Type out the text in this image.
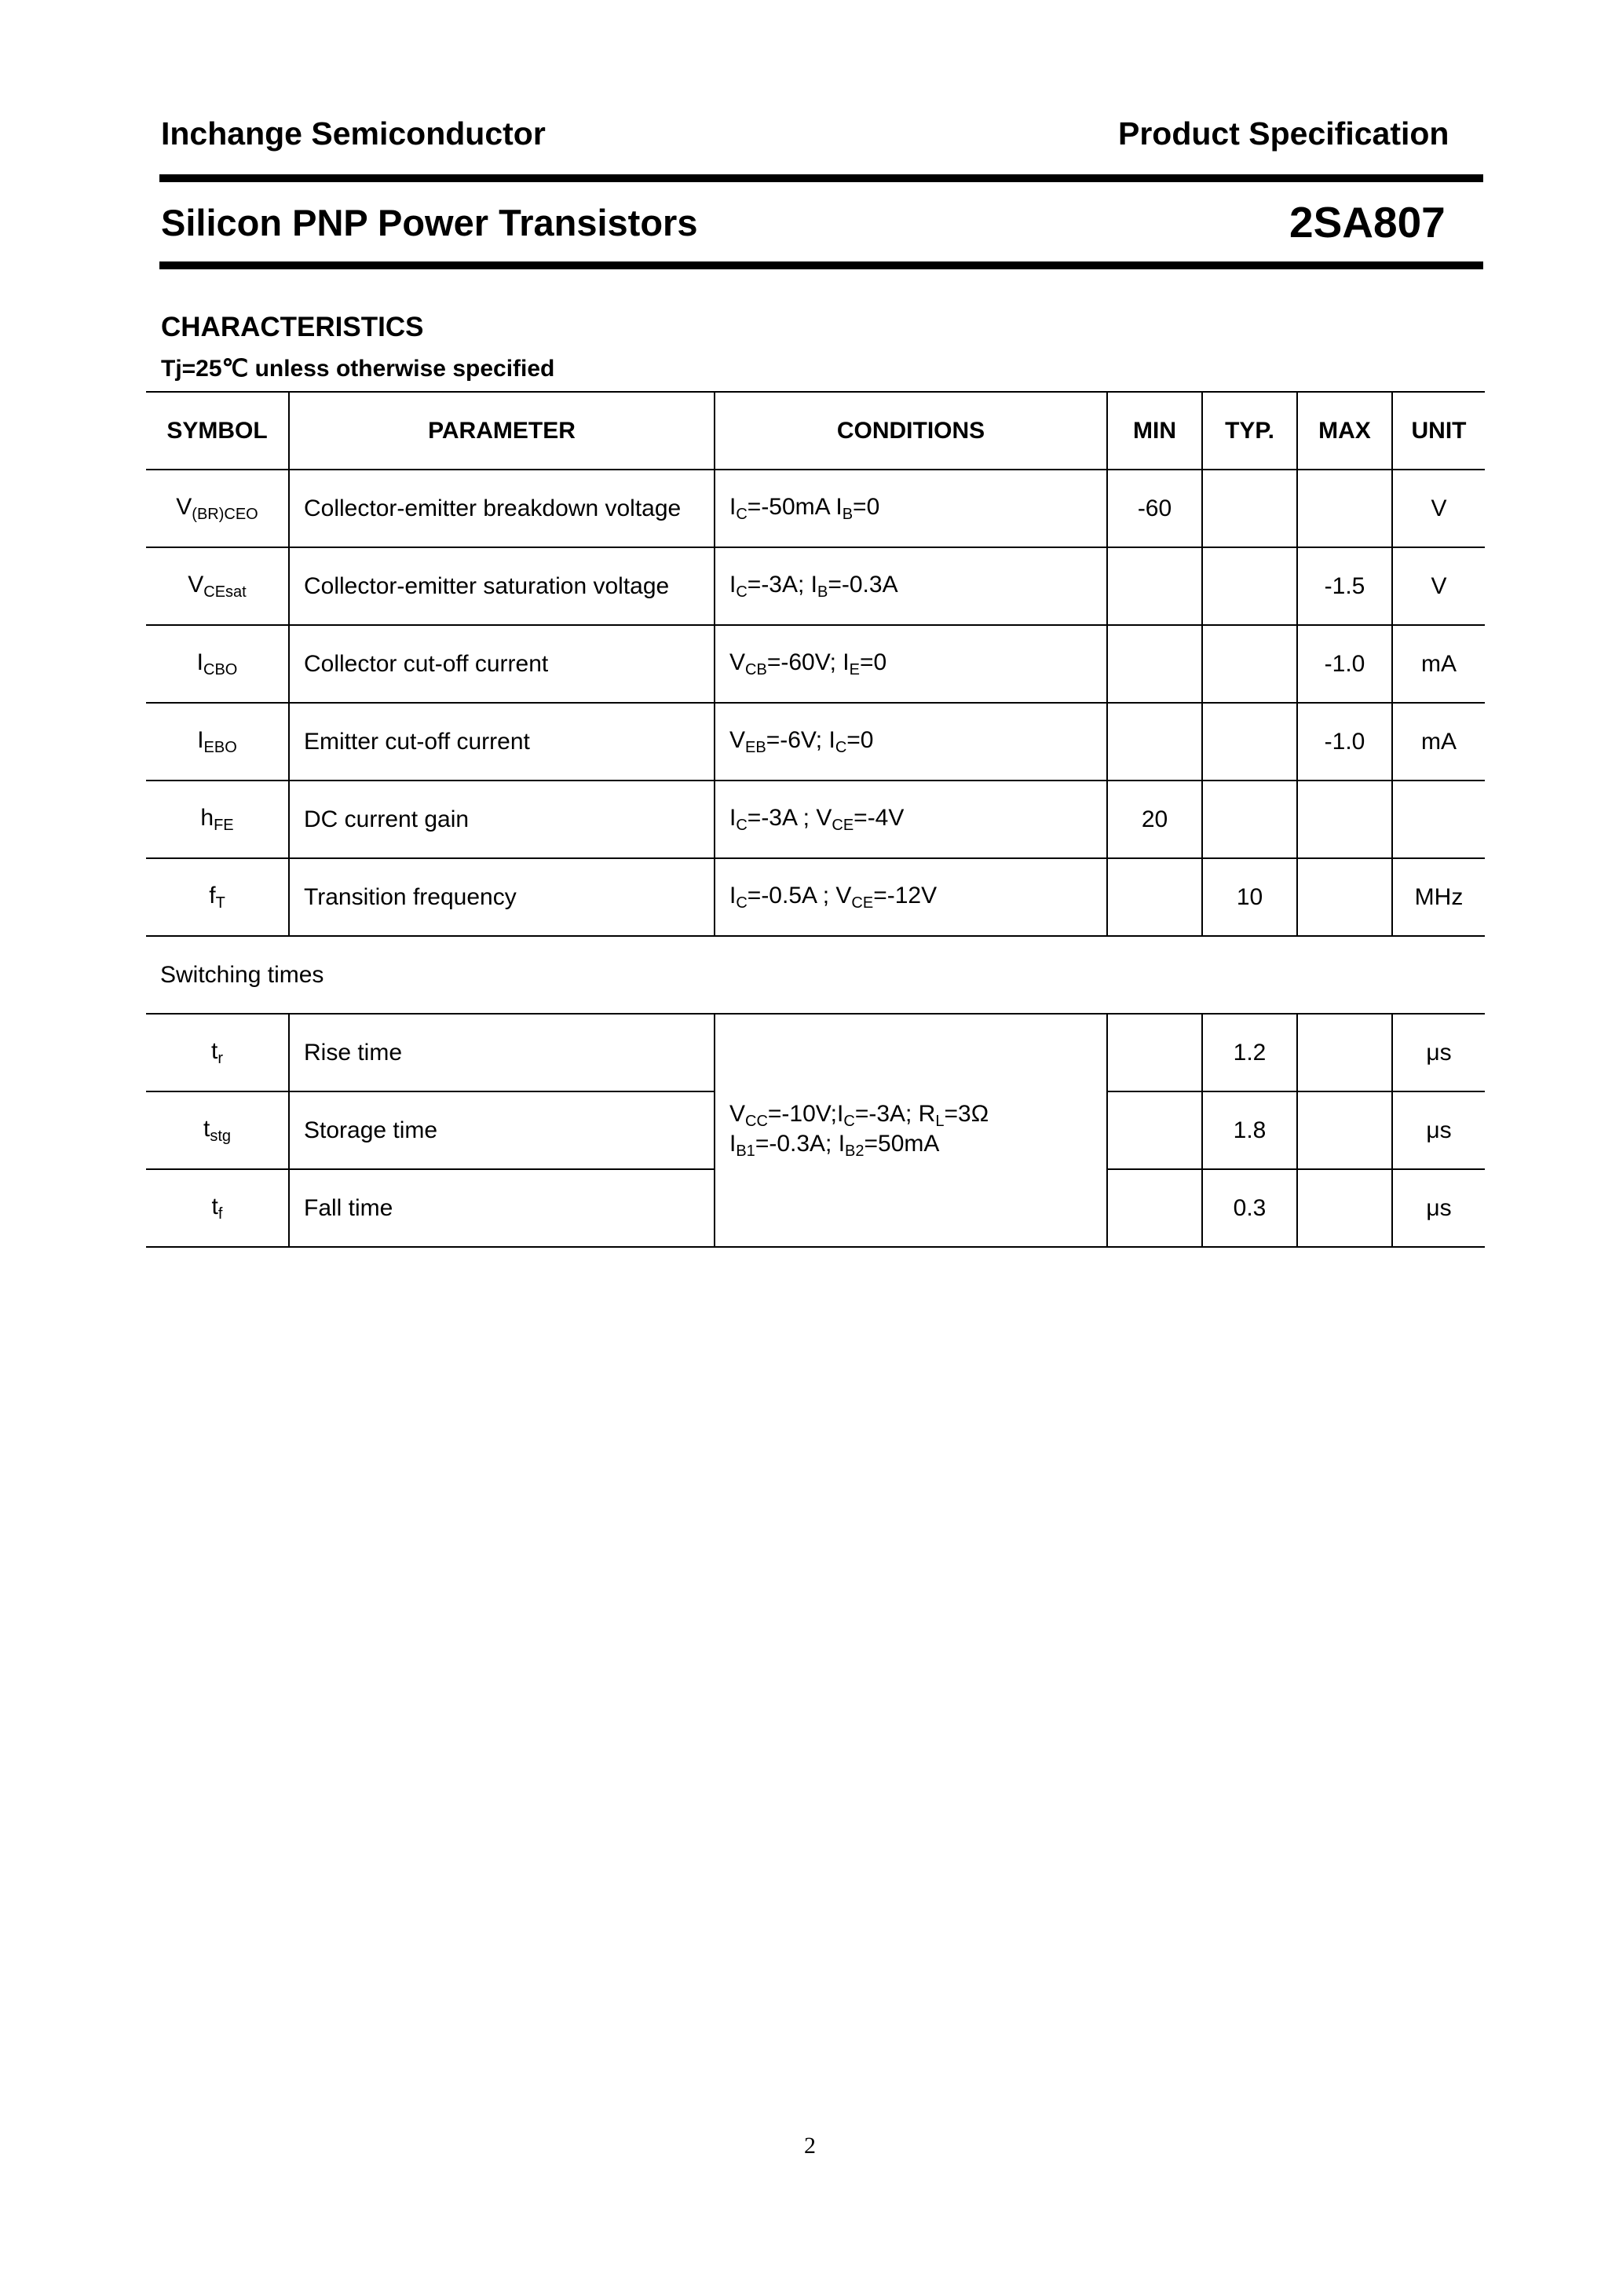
Inchange Semiconductor	Product Specification
Silicon PNP Power Transistors	2SA807
CHARACTERISTICS
Tj=25℃ unless otherwise specified
SYMBOL	PARAMETER	CONDITIONS	MIN	TYP.	MAX	UNIT
$V_{(BR)CEO}$	Collector-emitter breakdown voltage	$I_C=-50mA$ $I_B=0$	-60			V
$V_{CEsat}$	Collector-emitter saturation voltage	$I_C=-3A$; $I_B=-0.3A$			-1.5	V
$I_{CBO}$	Collector cut-off current	$V_{CB}=-60V$; $I_E=0$			-1.0	mA
$I_{EBO}$	Emitter cut-off current	$V_{EB}=-6V$; $I_C=0$			-1.0	mA
$h_{FE}$	DC current gain	$I_C=-3A$ ; $V_{CE}=-4V$	20			
$f_T$	Transition frequency	$I_C=-0.5A$ ; $V_{CE}=-12V$		10		MHz
Switching times						
$t_r$	Rise time	$V_{CC}=-10V;I_C=-3A$; $R_L=3\Omega$
$I_{B1}=-0.3A$; $I_{B2}=50mA$		1.2		μs
$t_{stg}$	Storage time			1.8		μs
$t_f$	Fall time			0.3		μs
2
